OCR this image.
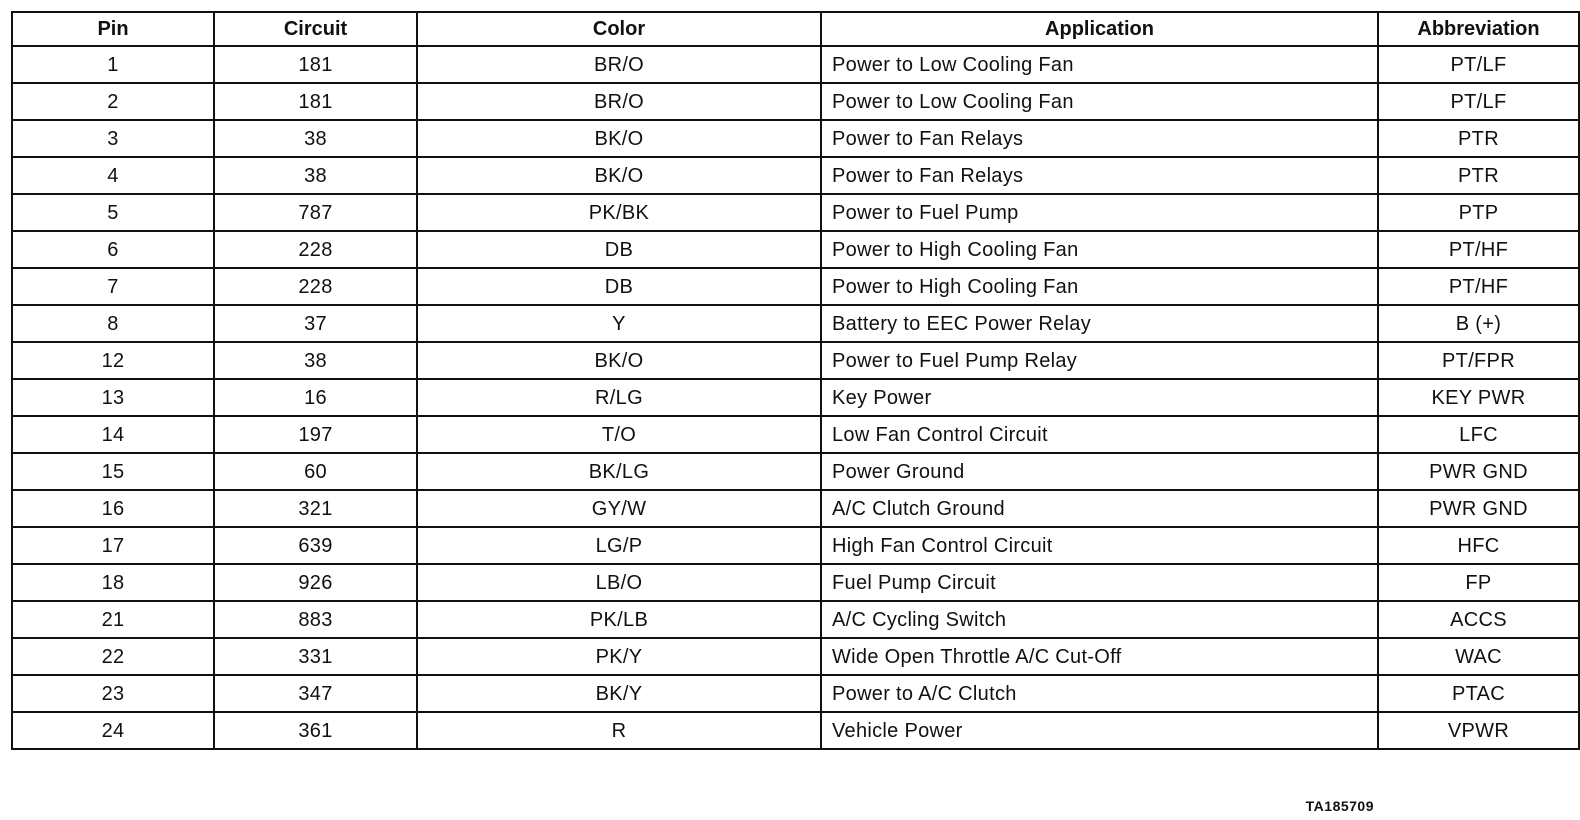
Pin	Circuit	Color	Application	Abbreviation
1	181	BR/O	Power to Low Cooling Fan	PT/LF
2	181	BR/O	Power to Low Cooling Fan	PT/LF
3	38	BK/O	Power to Fan Relays	PTR
4	38	BK/O	Power to Fan Relays	PTR
5	787	PK/BK	Power to Fuel Pump	PTP
6	228	DB	Power to High Cooling Fan	PT/HF
7	228	DB	Power to High Cooling Fan	PT/HF
8	37	Y	Battery to EEC Power Relay	B (+)
12	38	BK/O	Power to Fuel Pump Relay	PT/FPR
13	16	R/LG	Key Power	KEY PWR
14	197	T/O	Low Fan Control Circuit	LFC
15	60	BK/LG	Power Ground	PWR GND
16	321	GY/W	A/C Clutch Ground	PWR GND
17	639	LG/P	High Fan Control Circuit	HFC
18	926	LB/O	Fuel Pump Circuit	FP
21	883	PK/LB	A/C Cycling Switch	ACCS
22	331	PK/Y	Wide Open Throttle A/C Cut-Off	WAC
23	347	BK/Y	Power to A/C Clutch	PTAC
24	361	R	Vehicle Power	VPWR
TA185709
